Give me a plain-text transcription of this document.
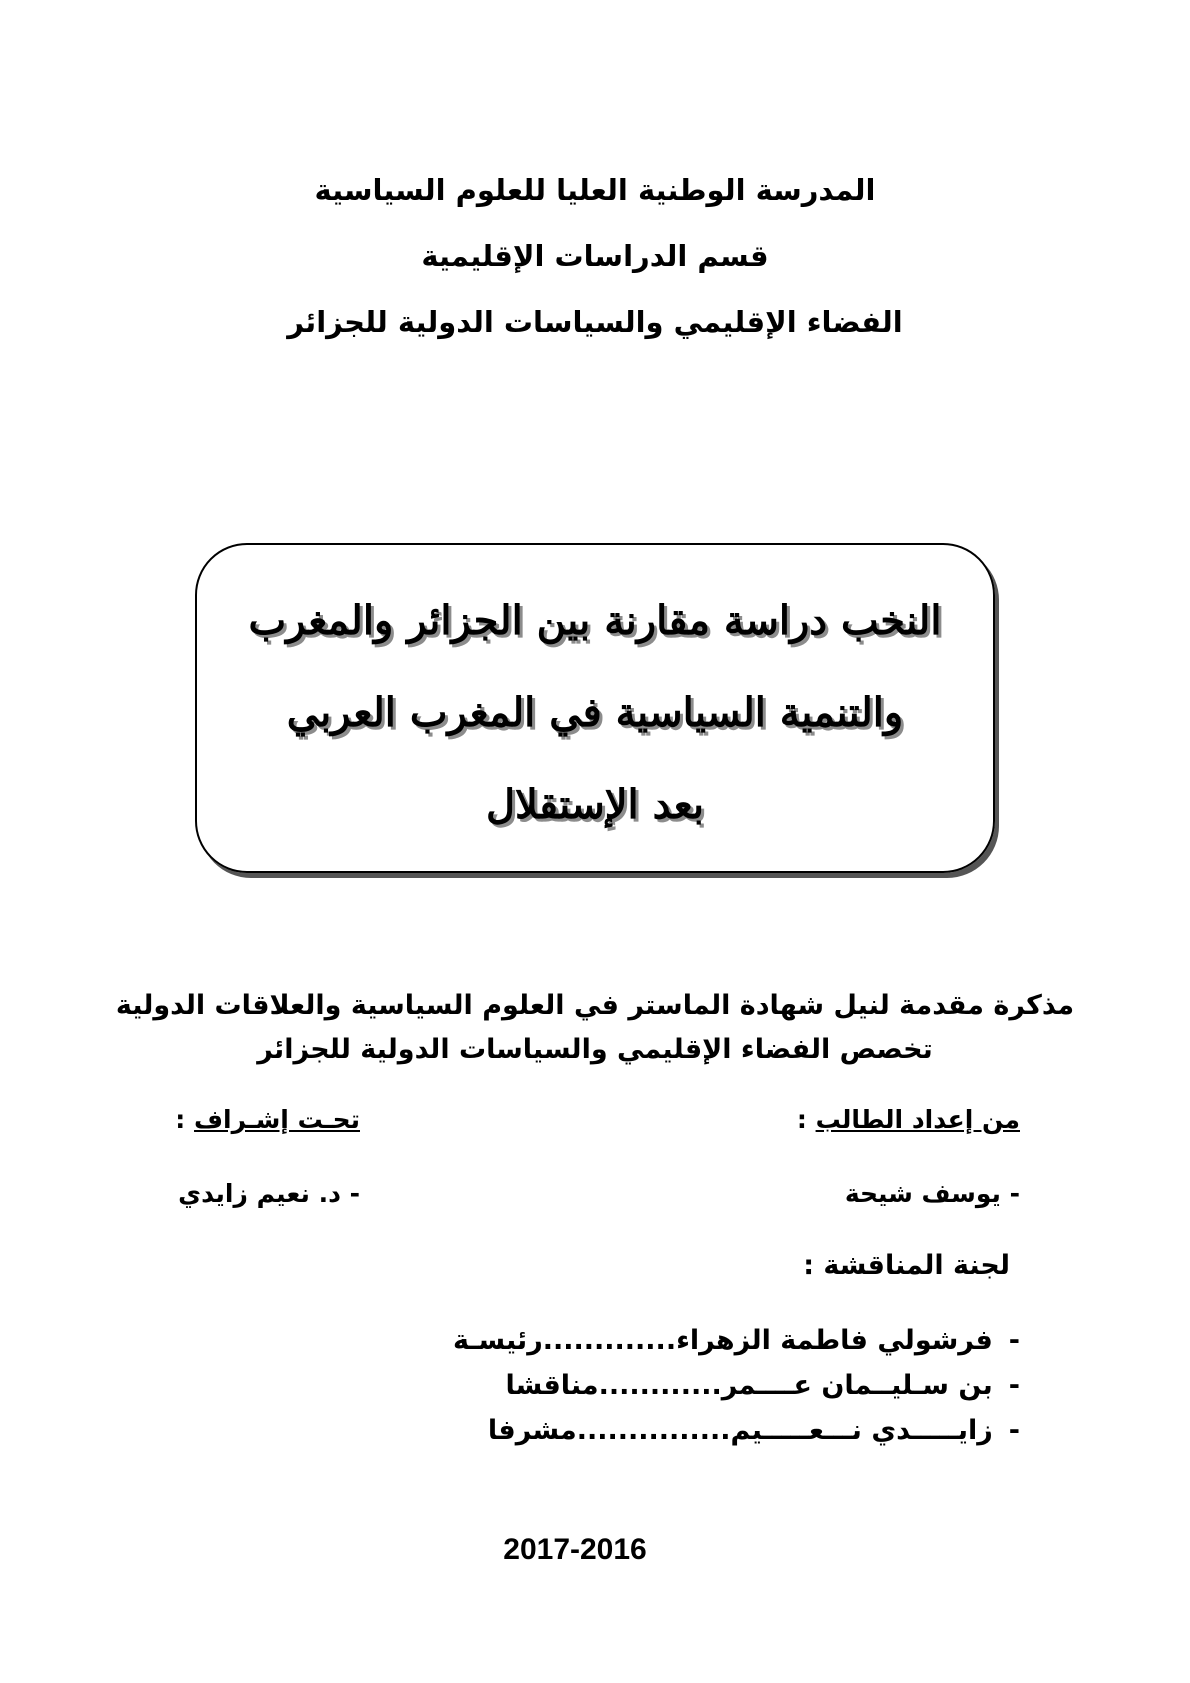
المدرسة الوطنية العليا للعلوم السياسية
قسم الدراسات الإقليمية
الفضاء الإقليمي والسياسات الدولية للجزائر
النخب دراسة مقارنة بين الجزائر والمغرب
والتنمية السياسية في المغرب العربي
بعد الإستقلال
مذكرة مقدمة لنيل شهادة الماستر في العلوم السياسية والعلاقات الدولية
تخصص الفضاء الإقليمي والسياسات الدولية للجزائر
من إعداد الطالب :
تحـت إشـراف :
- يوسف شيحة
- د. نعيم زايدي
لجنة المناقشة :
-فرشولي فاطمة الزهراء.............رئيسـة
-بن سـليــمان عــــمر............مناقشا
-زايـــــدي نـــعـــــيم...............مشرفا
2017-2016
